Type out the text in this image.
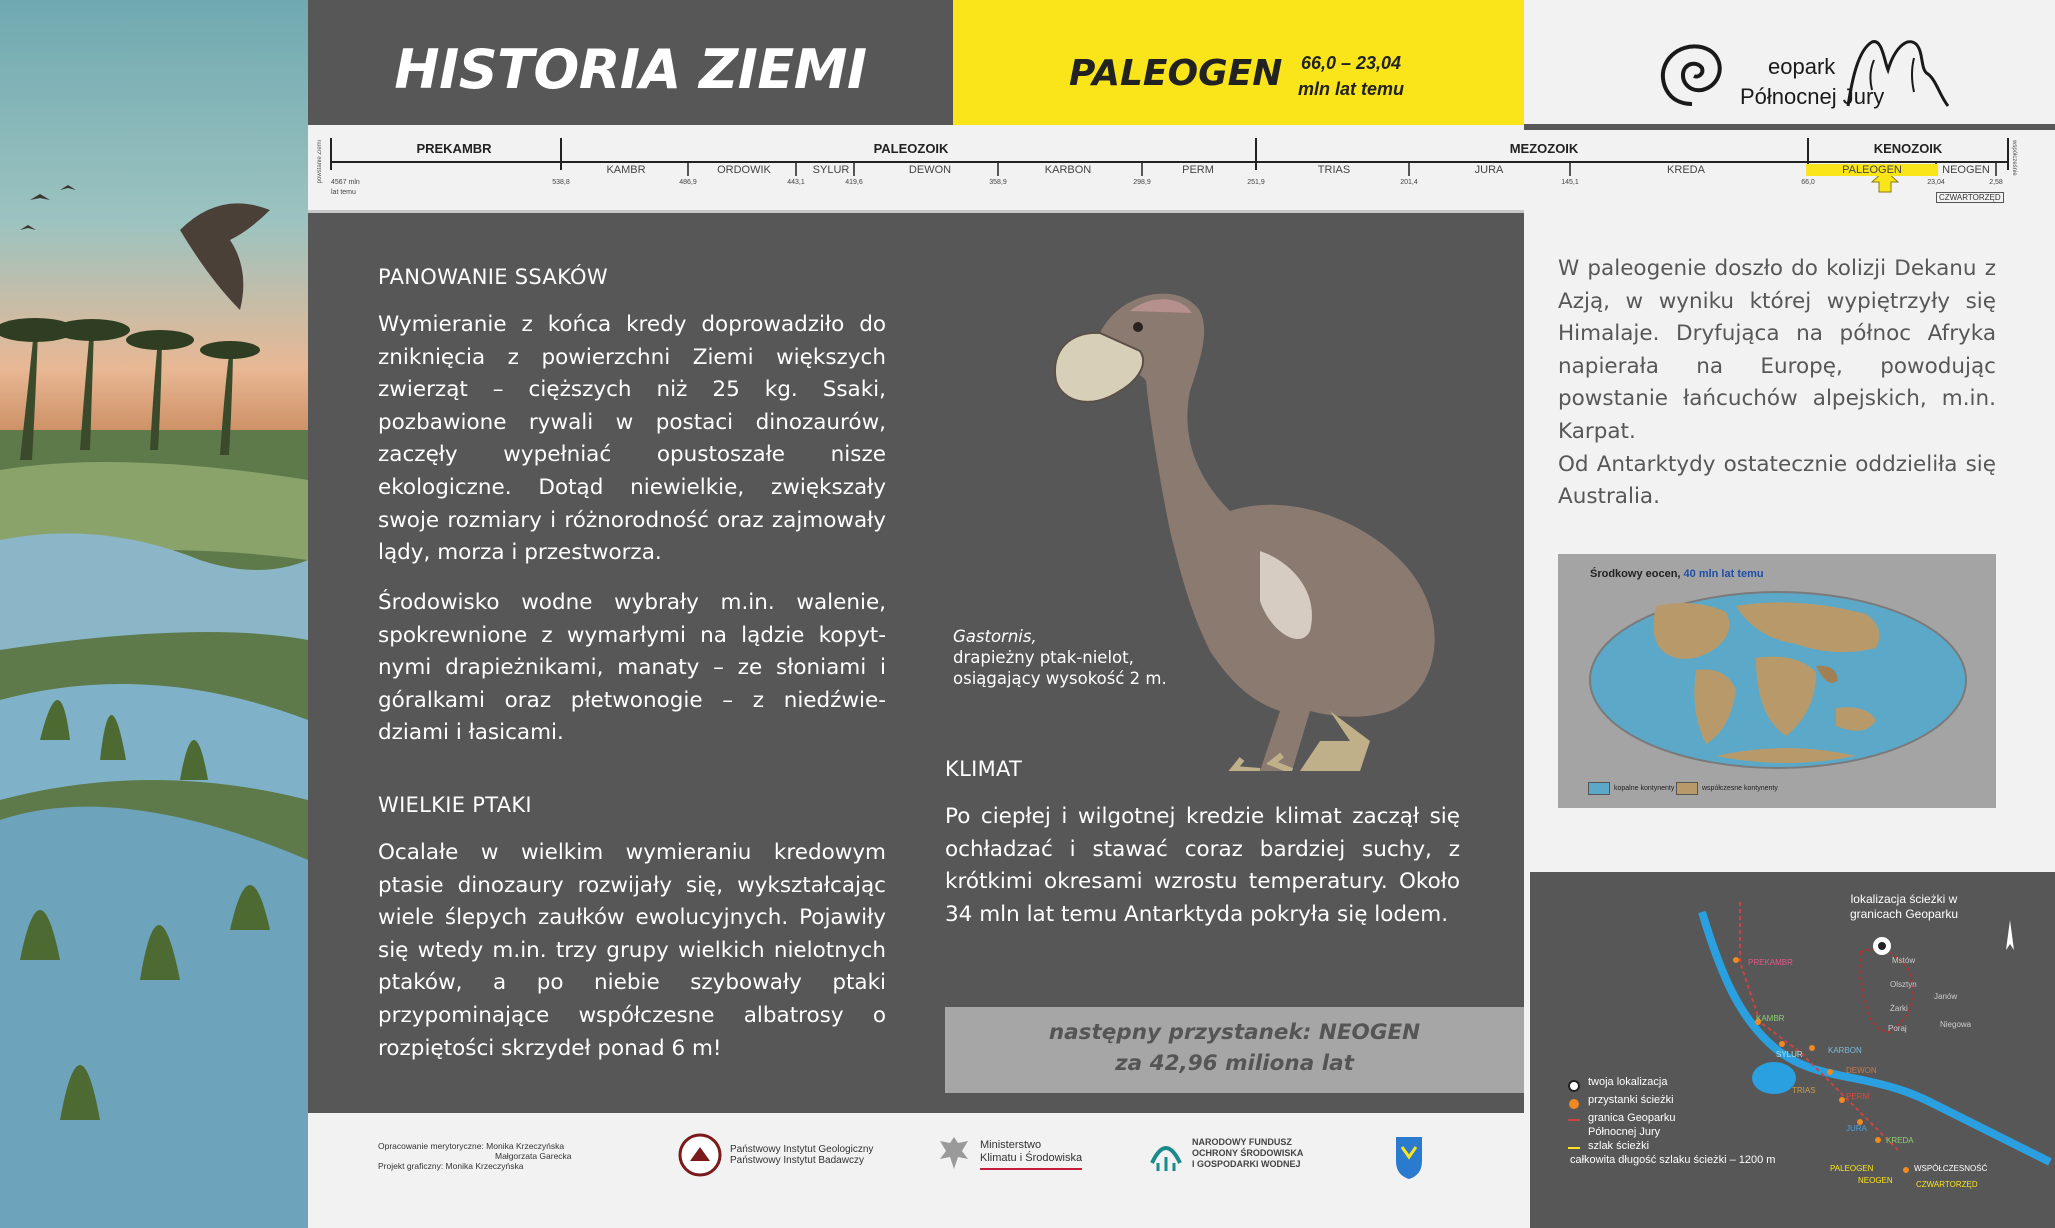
HISTORIA ZIEMI	PALEOGEN 66,0 – 23,04
mln lat temu
eopark
Północnej Jury
powstanie Ziemi	współcześnie
PREKAMBR	PALEOZOIK	MEZOZOIK	KENOZOIK
KAMBR	ORDOWIK	SYLUR	DEWON	KARBON	PERM	TRIAS	JURA	KREDA	PALEOGEN	NEOGEN
4567 mln
lat temu
538,8	486,9	443,1	419,6	358,9	298,9	251,9	201,4	145,1	66,0	23,04	2,58
CZWARTORZĘD
PANOWANIE SSAKÓW
Wymieranie z końca kredy doprowadziło do zniknięcia z powierzchni Ziemi większych zwierząt – cięższych niż 25 kg. Ssaki, pozbawione rywali w postaci dinozaurów, zaczęły wypełniać opustoszałe nisze ekologiczne. Dotąd niewielkie, zwiększały swoje rozmiary i różnorodność oraz zajmowały lądy, morza i przestworza.
Środowisko wodne wybrały m.in. walenie, spokrewnione z wymarłymi na lądzie kopyt- nymi drapieżnikami, manaty – ze słoniami i góralkami oraz płetwonogie – z niedźwie- dziami i łasicami.
WIELKIE PTAKI
Ocalałe w wielkim wymieraniu kredowym ptasie dinozaury rozwijały się, wykształcając wiele ślepych zaułków ewolucyjnych. Pojawiły się wtedy m.in. trzy grupy wielkich nielotnych ptaków, a po niebie szybowały ptaki przypominające współczesne albatrosy o rozpiętości skrzydeł ponad 6 m!
Gastornis,
drapieżny ptak-nielot,
osiągający wysokość 2 m.
KLIMAT
Po ciepłej i wilgotnej kredzie klimat zaczął się ochładzać i stawać coraz bardziej suchy, z krótkimi okresami wzrostu temperatury. Około 34 mln lat temu Antarktyda pokryła się lodem.
następny przystanek: NEOGEN
za 42,96 miliona lat
Opracowanie merytoryczne: Monika Krzeczyńska
Małgorzata Garecka
Projekt graficzny: Monika Krzeczyńska
Państwowy Instytut Geologiczny
Państwowy Instytut Badawczy
Ministerstwo
Klimatu i Środowiska
NARODOWY FUNDUSZ
OCHRONY ŚRODOWISKA
I GOSPODARKI WODNEJ
W paleogenie doszło do kolizji Dekanu z Azją, w wyniku której wypiętrzyły się Himalaje. Dryfująca na północ Afryka napierała na Europę, powodując powstanie łańcuchów alpejskich, m.in. Karpat.
Od Antarktydy ostatecznie oddzieliła się Australia.
Środkowy eocen, 40 mln lat temu
kopalne kontynenty	współczesne kontynenty
lokalizacja ścieżki w granicach Geoparku
twoja lokalizacja
przystanki ścieżki
granica Geoparku Północnej Jury
szlak ścieżki
całkowita długość szlaku ścieżki – 1200 m
PREKAMBR
KAMBR
SYLUR	KARBON
DEWON
PERM
TRIAS
JURA
KREDA
PALEOGEN
NEOGEN
WSPÓŁCZESNOŚĆ
CZWARTORZĘD
Mstów
Olsztyn
Janów
Żarki
Niegowa
Poraj
